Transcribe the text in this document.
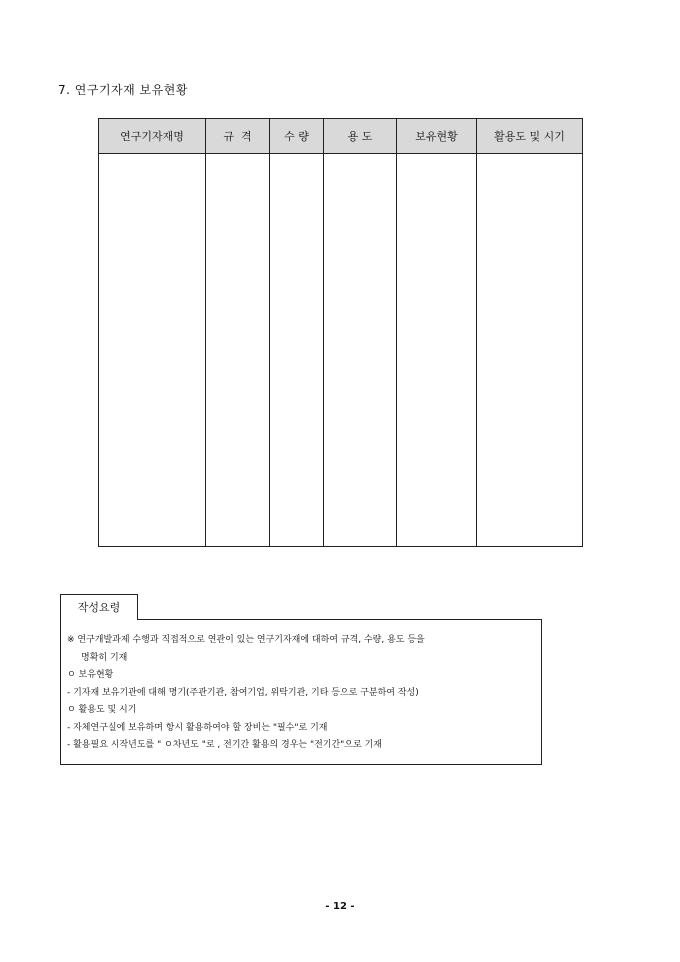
7. 연구기자재 보유현황
연구기자재명	규  격	수 량	용 도	보유현황	활용도 및 시기

작성요령
※ 연구개발과제 수행과 직접적으로 연관이 있는 연구기자재에 대하여 규격, 수량, 용도 등을
명확히 기재
ㅇ 보유현황
- 기자재 보유기관에 대해 명기(주관기관, 참여기업, 위탁기관, 기타 등으로 구분하여 작성)
ㅇ 활용도 및 시기
- 자체연구실에 보유하며 항시 활용하여야 할 장비는 "필수"로 기재
- 활용필요 시작년도를 " ㅇ차년도 "로 , 전기간 활용의 경우는 "전기간"으로 기재
- 12 -
